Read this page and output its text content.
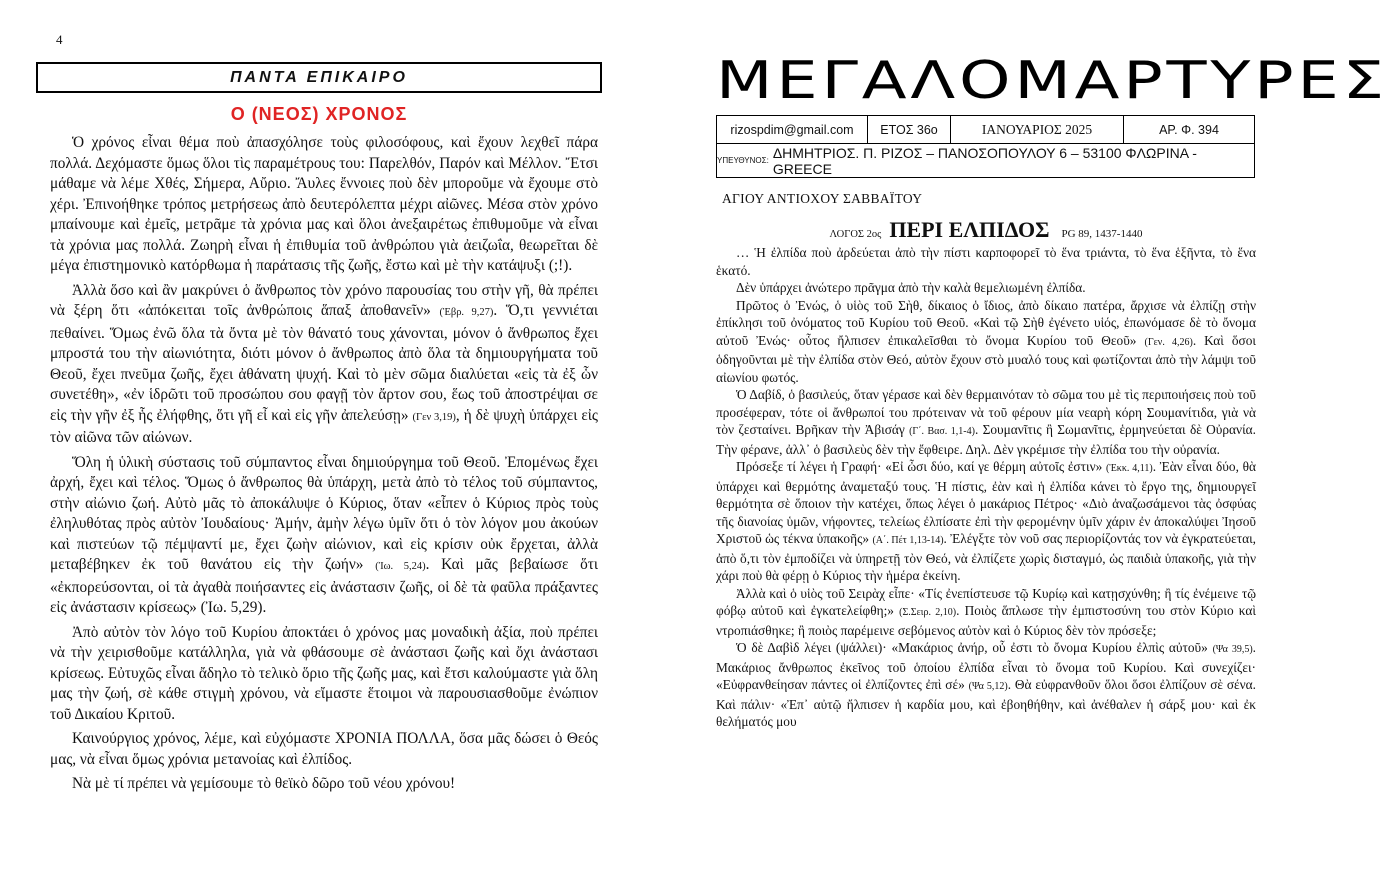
4
ΠΑΝΤΑ ΕΠΙΚΑΙΡΟ
Ο (ΝΕΟΣ) ΧΡΟΝΟΣ

Ὁ χρόνος εἶναι θέμα ποὺ ἀπασχόλησε τοὺς φιλοσόφους, καὶ ἔχουν λεχθεῖ πάρα πολλά. Δεχόμαστε ὅμως ὅλοι τὶς παραμέτρους του: Παρελθόν, Παρόν καὶ Μέλλον. Ἔτσι μάθαμε νὰ λέμε Χθές, Σήμερα, Αὔριο. Ἄυλες ἔννοιες ποὺ δὲν μποροῦμε νὰ ἔχουμε στὸ χέρι. Ἐπινοήθηκε τρόπος μετρήσεως ἀπὸ δευτερόλεπτα μέχρι αἰῶνες. Μέσα στὸν χρόνο μπαίνουμε καὶ ἐμεῖς, μετρᾶμε τὰ χρόνια μας καὶ ὅλοι ἀνεξαιρέτως ἐπιθυμοῦμε νὰ εἶναι τὰ χρόνια μας πολλά. Ζωηρὴ εἶναι ἡ ἐπιθυμία τοῦ ἀνθρώπου γιὰ ἀειζωΐα, θεωρεῖται δὲ μέγα ἐπιστημονικὸ κατόρθωμα ἡ παράτασις τῆς ζωῆς, ἔστω καὶ μὲ τὴν κατάψυξι (;!).

Ἀλλὰ ὅσο καὶ ἂν μακρύνει ὁ ἄνθρωπος τὸν χρόνο παρουσίας του στὴν γῆ, θὰ πρέπει νὰ ξέρη ὅτι «ἀπόκειται τοῖς ἀνθρώποις ἅπαξ ἀποθανεῖν» (Ἑβρ. 9,27). Ὅ,τι γεννιέται πεθαίνει. Ὅμως ἐνῶ ὅλα τὰ ὄντα μὲ τὸν θάνατό τους χάνονται, μόνον ὁ ἄνθρωπος ἔχει μπροστά του τὴν αἰωνιότητα, διότι μόνον ὁ ἄνθρωπος ἀπὸ ὅλα τὰ δημιουργήματα τοῦ Θεοῦ, ἔχει πνεῦμα ζωῆς, ἔχει ἀθάνατη ψυχή. Καὶ τὸ μὲν σῶμα διαλύεται «εἰς τὰ ἐξ ὧν συνετέθη», «ἐν ἱδρῶτι τοῦ προσώπου σου φαγῇ τὸν ἄρτον σου, ἕως τοῦ ἀποστρέψαι σε εἰς τὴν γῆν ἐξ ἧς ἐλήφθης, ὅτι γῆ εἶ καὶ εἰς γῆν ἀπελεύσῃ» (Γεν 3,19), ἡ δὲ ψυχὴ ὑπάρχει εἰς τὸν αἰῶνα τῶν αἰώνων.

Ὅλη ἡ ὑλικὴ σύστασις τοῦ σύμπαντος εἶναι δημιούργημα τοῦ Θεοῦ. Ἐπομένως ἔχει ἀρχή, ἔχει καὶ τέλος. Ὅμως ὁ ἄνθρωπος θὰ ὑπάρχη, μετὰ ἀπὸ τὸ τέλος τοῦ σύμπαντος, στὴν αἰώνιο ζωή. Αὐτὸ μᾶς τὸ ἀποκάλυψε ὁ Κύριος, ὅταν «εἶπεν ὁ Κύριος πρὸς τοὺς ἐληλυθότας πρὸς αὐτὸν Ἰουδαίους· Ἀμήν, ἀμὴν λέγω ὑμῖν ὅτι ὁ τὸν λόγον μου ἀκούων καὶ πιστεύων τῷ πέμψαντί με, ἔχει ζωὴν αἰώνιον, καὶ εἰς κρίσιν οὐκ ἔρχεται, ἀλλὰ μεταβέβηκεν ἐκ τοῦ θανάτου εἰς τὴν ζωήν» (Ἰω. 5,24). Καὶ μᾶς βεβαίωσε ὅτι «ἐκπορεύσονται, οἱ τὰ ἀγαθὰ ποιήσαντες εἰς ἀνάστασιν ζωῆς, οἱ δὲ τὰ φαῦλα πράξαντες εἰς ἀνάστασιν κρίσεως» (Ἰω. 5,29).

Ἀπὸ αὐτὸν τὸν λόγο τοῦ Κυρίου ἀποκτάει ὁ χρόνος μας μοναδικὴ ἀξία, ποὺ πρέπει νὰ τὴν χειρισθοῦμε κατάλληλα, γιὰ νὰ φθάσουμε σὲ ἀνάστασι ζωῆς καὶ ὄχι ἀνάστασι κρίσεως. Εὐτυχῶς εἶναι ἄδηλο τὸ τελικὸ ὅριο τῆς ζωῆς μας, καὶ ἔτσι καλούμαστε γιὰ ὅλη μας τὴν ζωή, σὲ κάθε στιγμὴ χρόνου, νὰ εἴμαστε ἕτοιμοι νὰ παρουσιασθοῦμε ἐνώπιον τοῦ Δικαίου Κριτοῦ.

Καινούργιος χρόνος, λέμε, καὶ εὐχόμαστε ΧΡΟΝΙΑ ΠΟΛΛΑ, ὅσα μᾶς δώσει ὁ Θεός μας, νὰ εἶναι ὅμως χρόνια μετανοίας καὶ ἐλπίδος.

Νὰ μὲ τί πρέπει νὰ γεμίσουμε τὸ θεϊκὸ δῶρο τοῦ νέου χρόνου!

ΜΕΓΑΛΟΜΑΡΤΥΡΕΣ
rizospdim@gmail.com	ΕΤΟΣ 36ο	ΙΑΝΟΥΑΡΙΟΣ 2025	ΑΡ. Φ. 394
ΥΠΕΥΘΥΝΟΣ: ΔΗΜΗΤΡΙΟΣ. Π. ΡΙΖΟΣ – ΠΑΝΟΣΟΠΟΥΛΟΥ 6 – 53100 ΦΛΩΡΙΝΑ - GREECE
ΑΓΙΟΥ ΑΝΤΙΟΧΟΥ ΣΑΒΒΑΪΤΟΥ
ΛΟΓΟΣ 2ος ΠΕΡΙ ΕΛΠΙΔΟΣ PG 89, 1437-1440

… Ἡ ἐλπίδα ποὺ ἀρδεύεται ἀπὸ τὴν πίστι καρποφορεῖ τὸ ἕνα τριάντα, τὸ ἕνα ἑξῆντα, τὸ ἕνα ἑκατό.

Δὲν ὑπάρχει ἀνώτερο πρᾶγμα ἀπὸ τὴν καλὰ θεμελιωμένη ἐλπίδα.

Πρῶτος ὁ Ἐνώς, ὁ υἱὸς τοῦ Σὴθ, δίκαιος ὁ ἴδιος, ἀπὸ δίκαιο πατέρα, ἄρχισε νὰ ἐλπίζῃ στὴν ἐπίκλησι τοῦ ὀνόματος τοῦ Κυρίου τοῦ Θεοῦ. «Καὶ τῷ Σὴθ ἐγένετο υἱός, ἐπωνόμασε δὲ τὸ ὄνομα αὐτοῦ Ἐνώς· οὗτος ἤλπισεν ἐπικαλεῖσθαι τὸ ὄνομα Κυρίου τοῦ Θεοῦ» (Γεν. 4,26). Καὶ ὅσοι ὁδηγοῦνται μὲ τὴν ἐλπίδα στὸν Θεό, αὐτὸν ἔχουν στὸ μυαλό τους καὶ φωτίζονται ἀπὸ τὴν λάμψι τοῦ αἰωνίου φωτός.

Ὁ Δαβίδ, ὁ βασιλεύς, ὅταν γέρασε καὶ δὲν θερμαινόταν τὸ σῶμα του μὲ τὶς περιποιήσεις ποὺ τοῦ προσέφεραν, τότε οἱ ἄνθρωποί του πρότειναν νὰ τοῦ φέρουν μία νεαρὴ κόρη Σουμανίτιδα, γιὰ νὰ τὸν ζεσταίνει. Βρῆκαν τὴν Ἀβισάγ (Γ΄. Βασ. 1,1-4). Σουμανῖτις ἢ Σωμανῖτις, ἑρμηνεύεται δὲ Οὐρανία. Τὴν φέρανε, ἀλλ᾽ ὁ βασιλεὺς δὲν τὴν ἔφθειρε. Δηλ. Δὲν γκρέμισε τὴν ἐλπίδα του τὴν οὐρανία.

Πρόσεξε τί λέγει ἡ Γραφή· «Εἰ ὦσι δύο, καί γε θέρμη αὐτοῖς ἐστιν» (Ἐκκ. 4,11). Ἐὰν εἶναι δύο, θὰ ὑπάρχει καὶ θερμότης ἀναμεταξύ τους. Ἡ πίστις, ἐὰν καὶ ἡ ἐλπίδα κάνει τὸ ἔργο της, δημιουργεῖ θερμότητα σὲ ὅποιον τὴν κατέχει, ὅπως λέγει ὁ μακάριος Πέτρος· «Διὸ ἀναζωσάμενοι τὰς ὀσφύας τῆς διανοίας ὑμῶν, νήφοντες, τελείως ἐλπίσατε ἐπὶ τὴν φερομένην ὑμῖν χάριν ἐν ἀποκαλύψει Ἰησοῦ Χριστοῦ ὡς τέκνα ὑπακοῆς» (Α΄. Πέτ 1,13-14). Ἐλέγξτε τὸν νοῦ σας περιορίζοντάς τον νὰ ἐγκρατεύεται, ἀπὸ ὅ,τι τὸν ἐμποδίζει νὰ ὑπηρετῇ τὸν Θεό, νὰ ἐλπίζετε χωρὶς δισταγμό, ὡς παιδιὰ ὑπακοῆς, γιὰ τὴν χάρι ποὺ θὰ φέρῃ ὁ Κύριος τὴν ἡμέρα ἐκείνη.

Ἀλλὰ καὶ ὁ υἱὸς τοῦ Σειρὰχ εἶπε· «Τίς ἐνεπίστευσε τῷ Κυρίῳ καὶ κατῃσχύνθη; ἢ τίς ἐνέμεινε τῷ φόβῳ αὐτοῦ καὶ ἐγκατελείφθη;» (Σ.Σειρ. 2,10). Ποιὸς ἅπλωσε τὴν ἐμπιστοσύνη του στὸν Κύριο καὶ ντροπιάσθηκε; ἢ ποιὸς παρέμεινε σεβόμενος αὐτὸν καὶ ὁ Κύριος δὲν τὸν πρόσεξε;

Ὁ δὲ Δαβὶδ λέγει (ψάλλει)· «Μακάριος ἀνήρ, οὗ ἐστι τὸ ὄνομα Κυρίου ἐλπὶς αὐτοῦ» (Ψα 39,5). Μακάριος ἄνθρωπος ἐκεῖνος τοῦ ὁποίου ἐλπίδα εἶναι τὸ ὄνομα τοῦ Κυρίου. Καὶ συνεχίζει· «Εὐφρανθείησαν πάντες οἱ ἐλπίζοντες ἐπὶ σέ» (Ψα 5,12). Θὰ εὐφρανθοῦν ὅλοι ὅσοι ἐλπίζουν σὲ σένα. Καὶ πάλιν· «Ἐπ᾽ αὐτῷ ἤλπισεν ἡ καρδία μου, καὶ ἐβοηθήθην, καὶ ἀνέθαλεν ἡ σάρξ μου· καὶ ἐκ θελήματός μου
